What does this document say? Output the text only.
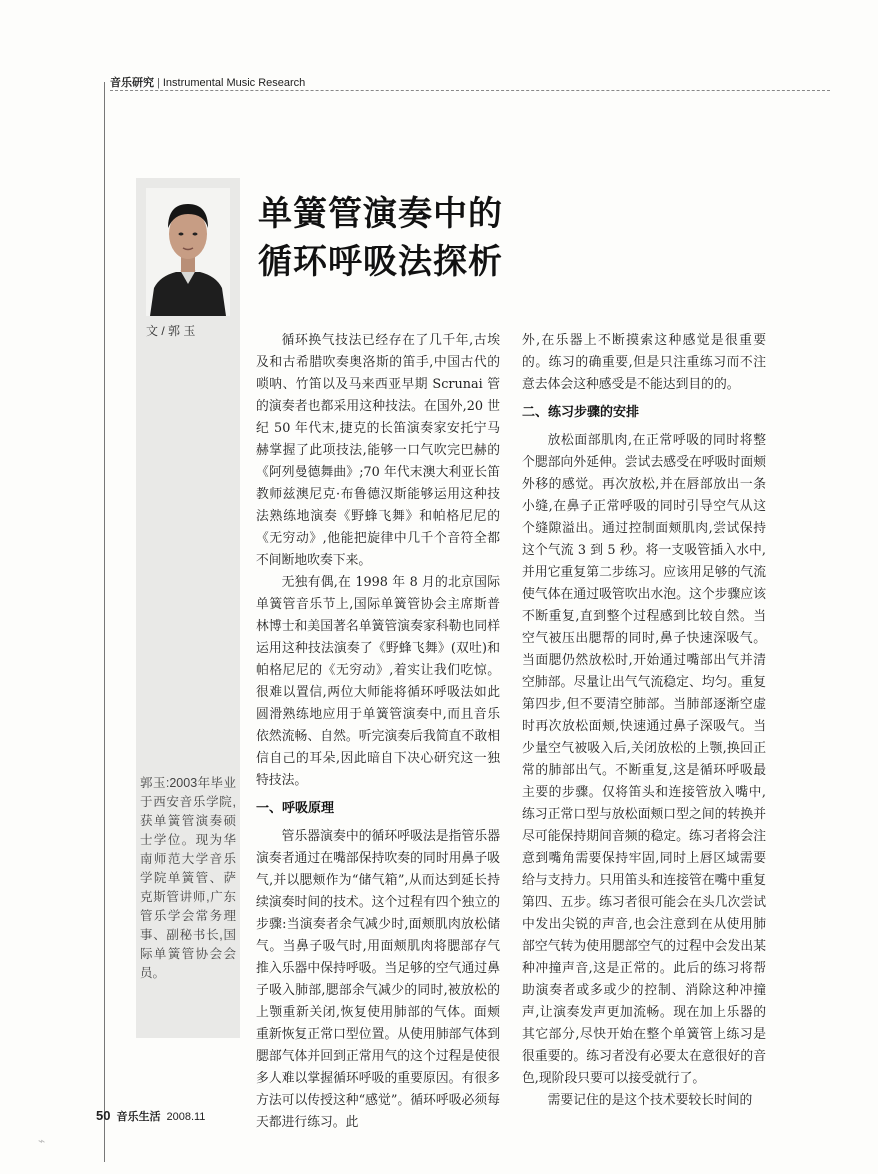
音乐研究 | Instrumental Music Research
文 / 郭 玉
郭玉:2003年毕业于西安音乐学院,获单簧管演奏硕士学位。现为华南师范大学音乐学院单簧管、萨克斯管讲师,广东管乐学会常务理事、副秘书长,国际单簧管协会会员。
单簧管演奏中的
循环呼吸法探析

循环换气技法已经存在了几千年,古埃及和古希腊吹奏奥洛斯的笛手,中国古代的唢呐、竹笛以及马来西亚早期 Scrunai 管的演奏者也都采用这种技法。在国外,20 世纪 50 年代末,捷克的长笛演奏家安托宁马赫掌握了此项技法,能够一口气吹完巴赫的《阿列曼德舞曲》;70 年代末澳大利亚长笛教师兹澳尼克·布鲁德汉斯能够运用这种技法熟练地演奏《野蜂飞舞》和帕格尼尼的《无穷动》,他能把旋律中几千个音符全都不间断地吹奏下来。

无独有偶,在 1998 年 8 月的北京国际单簧管音乐节上,国际单簧管协会主席斯普林博士和美国著名单簧管演奏家科勒也同样运用这种技法演奏了《野蜂飞舞》(双吐)和帕格尼尼的《无穷动》,着实让我们吃惊。很难以置信,两位大师能将循环呼吸法如此圆滑熟练地应用于单簧管演奏中,而且音乐依然流畅、自然。听完演奏后我简直不敢相信自己的耳朵,因此暗自下决心研究这一独特技法。

一、呼吸原理

管乐器演奏中的循环呼吸法是指管乐器演奏者通过在嘴部保持吹奏的同时用鼻子吸气,并以腮颊作为“储气箱”,从而达到延长持续演奏时间的技术。这个过程有四个独立的步骤:当演奏者余气减少时,面颊肌肉放松储气。当鼻子吸气时,用面颊肌肉将腮部存气推入乐器中保持呼吸。当足够的空气通过鼻子吸入肺部,腮部余气减少的同时,被放松的上颚重新关闭,恢复使用肺部的气体。面颊重新恢复正常口型位置。从使用肺部气体到腮部气体并回到正常用气的这个过程是使很多人难以掌握循环呼吸的重要原因。有很多方法可以传授这种“感觉”。循环呼吸必须每天都进行练习。此

外,在乐器上不断摸索这种感觉是很重要的。练习的确重要,但是只注重练习而不注意去体会这种感受是不能达到目的的。

二、练习步骤的安排

放松面部肌肉,在正常呼吸的同时将整个腮部向外延伸。尝试去感受在呼吸时面颊外移的感觉。再次放松,并在唇部放出一条小缝,在鼻子正常呼吸的同时引导空气从这个缝隙溢出。通过控制面颊肌肉,尝试保持这个气流 3 到 5 秒。将一支吸管插入水中,并用它重复第二步练习。应该用足够的气流使气体在通过吸管吹出水泡。这个步骤应该不断重复,直到整个过程感到比较自然。当空气被压出腮帮的同时,鼻子快速深吸气。当面腮仍然放松时,开始通过嘴部出气并清空肺部。尽量让出气气流稳定、均匀。重复第四步,但不要清空肺部。当肺部逐渐空虚时再次放松面颊,快速通过鼻子深吸气。当少量空气被吸入后,关闭放松的上颚,换回正常的肺部出气。不断重复,这是循环呼吸最主要的步骤。仅将笛头和连接管放入嘴中,练习正常口型与放松面颊口型之间的转换并尽可能保持期间音频的稳定。练习者将会注意到嘴角需要保持牢固,同时上唇区域需要给与支持力。只用笛头和连接管在嘴中重复第四、五步。练习者很可能会在头几次尝试中发出尖锐的声音,也会注意到在从使用肺部空气转为使用腮部空气的过程中会发出某种冲撞声音,这是正常的。此后的练习将帮助演奏者或多或少的控制、消除这种冲撞声,让演奏发声更加流畅。现在加上乐器的其它部分,尽快开始在整个单簧管上练习是很重要的。练习者没有必要太在意很好的音色,现阶段只要可以接受就行了。

需要记住的是这个技术要较长时间的

50 音乐生活 2008.11
⌁
